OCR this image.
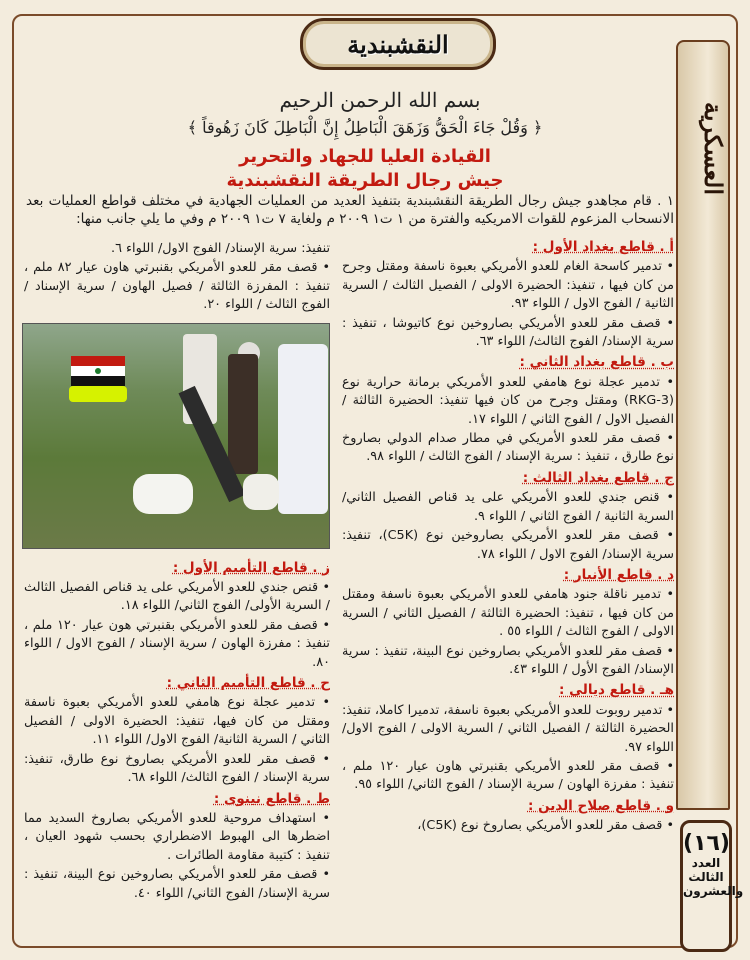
النقشبندية
العسكرية
(١٦)
العدد الثالث والعشرون
بسم الله الرحمن الرحيم
﴿ وَقُلْ جَاءَ الْحَقُّ وَزَهَقَ الْبَاطِلُ إِنَّ الْبَاطِلَ كَانَ زَهُوقاً ﴾
القيادة العليا للجهاد والتحرير
جيش رجال الطريقة النقشبندية
١ . قام مجاهدو جيش رجال الطريقة النقشبندية بتنفيذ العديد من العمليات الجهادية في مختلف قواطع العمليات بعد الانسحاب المزعوم للقوات الامريكيه والفترة من ١ ت١ ٢٠٠٩ م ولغاية ٧ ت١ ٢٠٠٩ م وفي ما يلي جانب منها:
أ . قاطع بغداد الأول :
• تدمير كاسحة الغام للعدو الأمريكي بعبوة ناسفة ومقتل وجرح من كان فيها ، تنفيذ: الحضيرة الاولى / الفصيل الثالث / السرية الثانية / الفوج الاول / اللواء ٩٣.
• قصف مقر للعدو الأمريكي بصاروخين نوع كاتيوشا ، تنفيذ : سرية الإسناد/ الفوج الثالث/ اللواء ٦٣.
ب . قاطع بغداد الثاني :
• تدمير عجلة نوع هامفي للعدو الأمريكي برمانة حرارية نوع (RKG-3) ومقتل وجرح من كان فيها تنفيذ: الحضيرة الثالثة / الفصيل الاول / الفوج الثاني / اللواء ١٧.
• قصف مقر للعدو الأمريكي في مطار صدام الدولي بصاروخ نوع طارق ، تنفيذ : سرية الإسناد / الفوج الثالث / اللواء ٩٨.
ج . قاطع بغداد الثالث :
• قنص جندي للعدو الأمريكي على يد قناص الفصيل الثاني/ السرية الثانية / الفوج الثاني / اللواء ٩.
• قصف مقر للعدو الأمريكي بصاروخين نوع (C5K)، تنفيذ: سرية الإسناد/ الفوج الاول / اللواء ٧٨.
د . قاطع الأنبار :
• تدمير ناقلة جنود هامفي للعدو الأمريكي بعبوة ناسفة ومقتل من كان فيها ، تنفيذ: الحضيرة الثالثة / الفصيل الثاني / السرية الاولى / الفوج الثالث / اللواء ٥٥ .
• قصف مقر للعدو الأمريكي بصاروخين نوع البينة، تنفيذ : سرية الإسناد/ الفوج الأول / اللواء ٤٣.
هـ . قاطع ديالى :
• تدمير روبوت للعدو الأمريكي بعبوة ناسفة، تدميرا كاملا، تنفيذ: الحضيرة الثالثة / الفصيل الثاني / السرية الاولى / الفوج الاول/ اللواء ٩٧.
• قصف مقر للعدو الأمريكي بقنبرتي هاون عيار ١٢٠ ملم ، تنفيذ : مفرزة الهاون / سرية الإسناد / الفوج الثاني/ اللواء ٩٥.
و . قاطع صلاح الدين :
• قصف مقر للعدو الأمريكي بصاروخ نوع (C5K)،
تنفيذ: سرية الإسناد/ الفوج الاول/ اللواء ٦.
• قصف مقر للعدو الأمريكي بقنبرتي هاون عيار ٨٢ ملم ، تنفيذ : المفرزة الثالثة / فصيل الهاون / سرية الإسناد / الفوج الثالث / اللواء ٢٠.
ز . قاطع التأميم الأول :
• قنص جندي للعدو الأمريكي على يد قناص الفصيل الثالث / السرية الأولى/ الفوج الثاني/ اللواء ١٨.
• قصف مقر للعدو الأمريكي بقنبرتي هون عيار ١٢٠ ملم ، تنفيذ : مفرزة الهاون / سرية الإسناد / الفوج الاول / اللواء ٨٠.
ح . قاطع التأميم الثاني :
• تدمير عجلة نوع هامفي للعدو الأمريكي بعبوة ناسفة ومقتل من كان فيها، تنفيذ: الحضيرة الاولى / الفصيل الثاني / السرية الثانية/ الفوج الاول/ اللواء ١١.
• قصف مقر للعدو الأمريكي بصاروخ نوع طارق، تنفيذ: سرية الإسناد / الفوج الثالث/ اللواء ٦٨.
ط . قاطع نينوى :
• استهداف مروحية للعدو الأمريكي بصاروخ السديد مما اضطرها الى الهبوط الاضطراري بحسب شهود العيان ، تنفيذ : كتيبة مقاومة الطائرات .
• قصف مقر للعدو الأمريكي بصاروخين نوع البينة، تنفيذ : سرية الإسناد/ الفوج الثاني/ اللواء ٤٠.
